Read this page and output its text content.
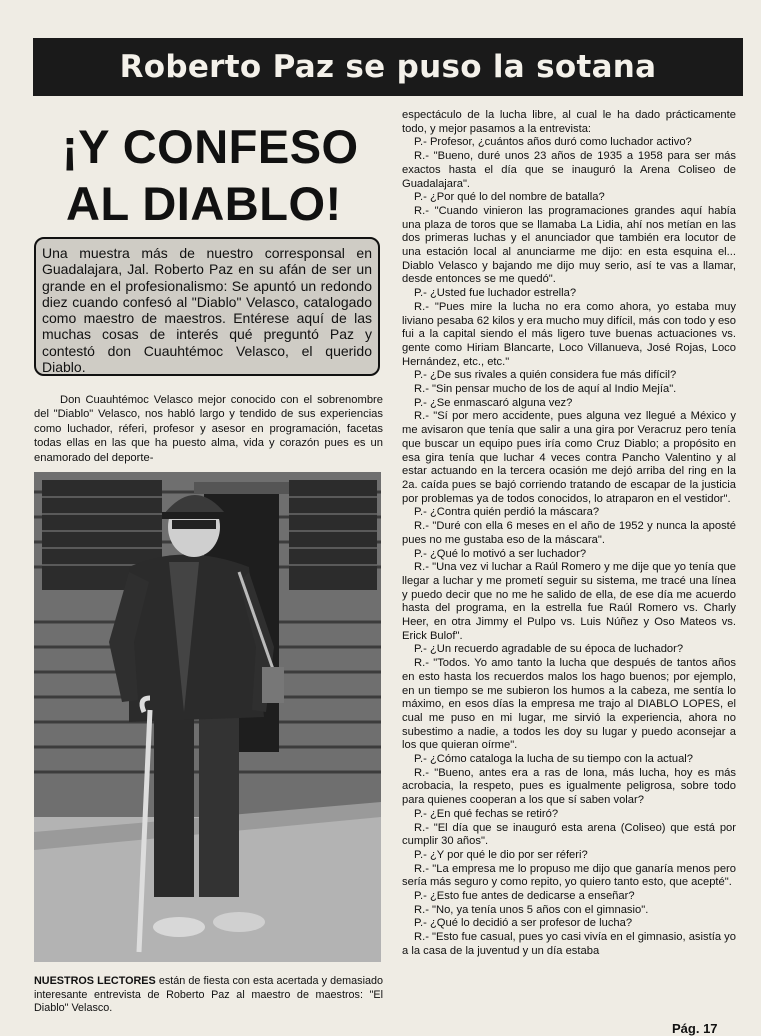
Roberto Paz se puso la sotana
¡Y CONFESO
AL DIABLO!
Una muestra más de nuestro corresponsal en Guadalajara, Jal. Roberto Paz en su afán de ser un grande en el profesionalismo: Se apuntó un redondo diez cuando confesó al "Diablo" Velasco, catalogado como maestro de maestros. Entérese aquí de las muchas cosas de interés qué preguntó Paz y contestó don Cuauhtémoc Velasco, el querido Diablo.

Don Cuauhtémoc Velasco mejor conocido con el sobrenombre del "Diablo" Velasco, nos habló largo y tendido de sus experiencias como luchador, réferi, profesor y asesor en programación, facetas todas ellas en las que ha puesto alma, vida y corazón pues es un enamorado del deporte-

NUESTROS LECTORES están de fiesta con esta acertada y demasiado interesante entrevista de Roberto Paz al maestro de maestros: "El Diablo" Velasco.

espectáculo de la lucha libre, al cual le ha dado prácticamente todo, y mejor pasamos a la entrevista:

P.- Profesor, ¿cuántos años duró como luchador activo?

R.- "Bueno, duré unos 23 años de 1935 a 1958 para ser más exactos hasta el día que se inauguró la Arena Coliseo de Guadalajara".

P.- ¿Por qué lo del nombre de batalla?

R.- "Cuando vinieron las programaciones grandes aquí había una plaza de toros que se llamaba La Lidia, ahí nos metían en las dos primeras luchas y el anunciador que también era locutor de una estación local al anunciarme me dijo: en esta esquina el... Diablo Velasco y bajando me dijo muy serio, así te vas a llamar, desde entonces se me quedó".

P.- ¿Usted fue luchador estrella?

R.- "Pues mire la lucha no era como ahora, yo estaba muy liviano pesaba 62 kilos y era mucho muy difícil, más con todo y eso fui a la capital siendo el más ligero tuve buenas actuaciones vs. gente como Hiriam Blancarte, Loco Villanueva, José Rojas, Loco Hernández, etc., etc."

P.- ¿De sus rivales a quién considera fue más difícil?

R.- "Sin pensar mucho de los de aquí al Indio Mejía".

P.- ¿Se enmascaró alguna vez?

R.- "Sí por mero accidente, pues alguna vez llegué a México y me avisaron que tenía que salir a una gira por Veracruz pero tenía que buscar un equipo pues iría como Cruz Diablo; a propósito en esa gira tenía que luchar 4 veces contra Pancho Valentino y al estar actuando en la tercera ocasión me dejó arriba del ring en la 2a. caída pues se bajó corriendo tratando de escapar de la justicia por problemas ya de todos conocidos, lo atraparon en el vestidor".

P.- ¿Contra quién perdió la máscara?

R.- "Duré con ella 6 meses en el año de 1952 y nunca la aposté pues no me gustaba eso de la máscara".

P.- ¿Qué lo motivó a ser luchador?

R.- "Una vez vi luchar a Raúl Romero y me dije que yo tenía que llegar a luchar y me prometí seguir su sistema, me tracé una línea y puedo decir que no me he salido de ella, de ese día me acuerdo hasta del programa, en la estrella fue Raúl Romero vs. Charly Heer, en otra Jimmy el Pulpo vs. Luis Núñez y Oso Mateos vs. Erick Bulof".

P.- ¿Un recuerdo agradable de su época de luchador?

R.- "Todos. Yo amo tanto la lucha que después de tantos años en esto hasta los recuerdos malos los hago buenos; por ejemplo, en un tiempo se me subieron los humos a la cabeza, me sentía lo máximo, en esos días la empresa me trajo al DIABLO LOPES, el cual me puso en mi lugar, me sirvió la experiencia, ahora no subestimo a nadie, a todos les doy su lugar y puedo aconsejar a los que quieran oírme".

P.- ¿Cómo cataloga la lucha de su tiempo con la actual?

R.- "Bueno, antes era a ras de lona, más lucha, hoy es más acrobacia, la respeto, pues es igualmente peligrosa, sobre todo para quienes cooperan a los que sí saben volar?

P.- ¿En qué fechas se retiró?

R.- "El día que se inauguró esta arena (Coliseo) que está por cumplir 30 años".

P.- ¿Y por qué le dio por ser réferi?

R.- "La empresa me lo propuso me dijo que ganaría menos pero sería más seguro y como repito, yo quiero tanto esto, que acepté".

P.- ¿Esto fue antes de dedicarse a enseñar?

R.- "No, ya tenía unos 5 años con el gimnasio".

P.- ¿Qué lo decidió a ser profesor de lucha?

R.- "Esto fue casual, pues yo casi vivía en el gimnasio, asistía yo a la casa de la juventud y un día estaba

Pág. 17
